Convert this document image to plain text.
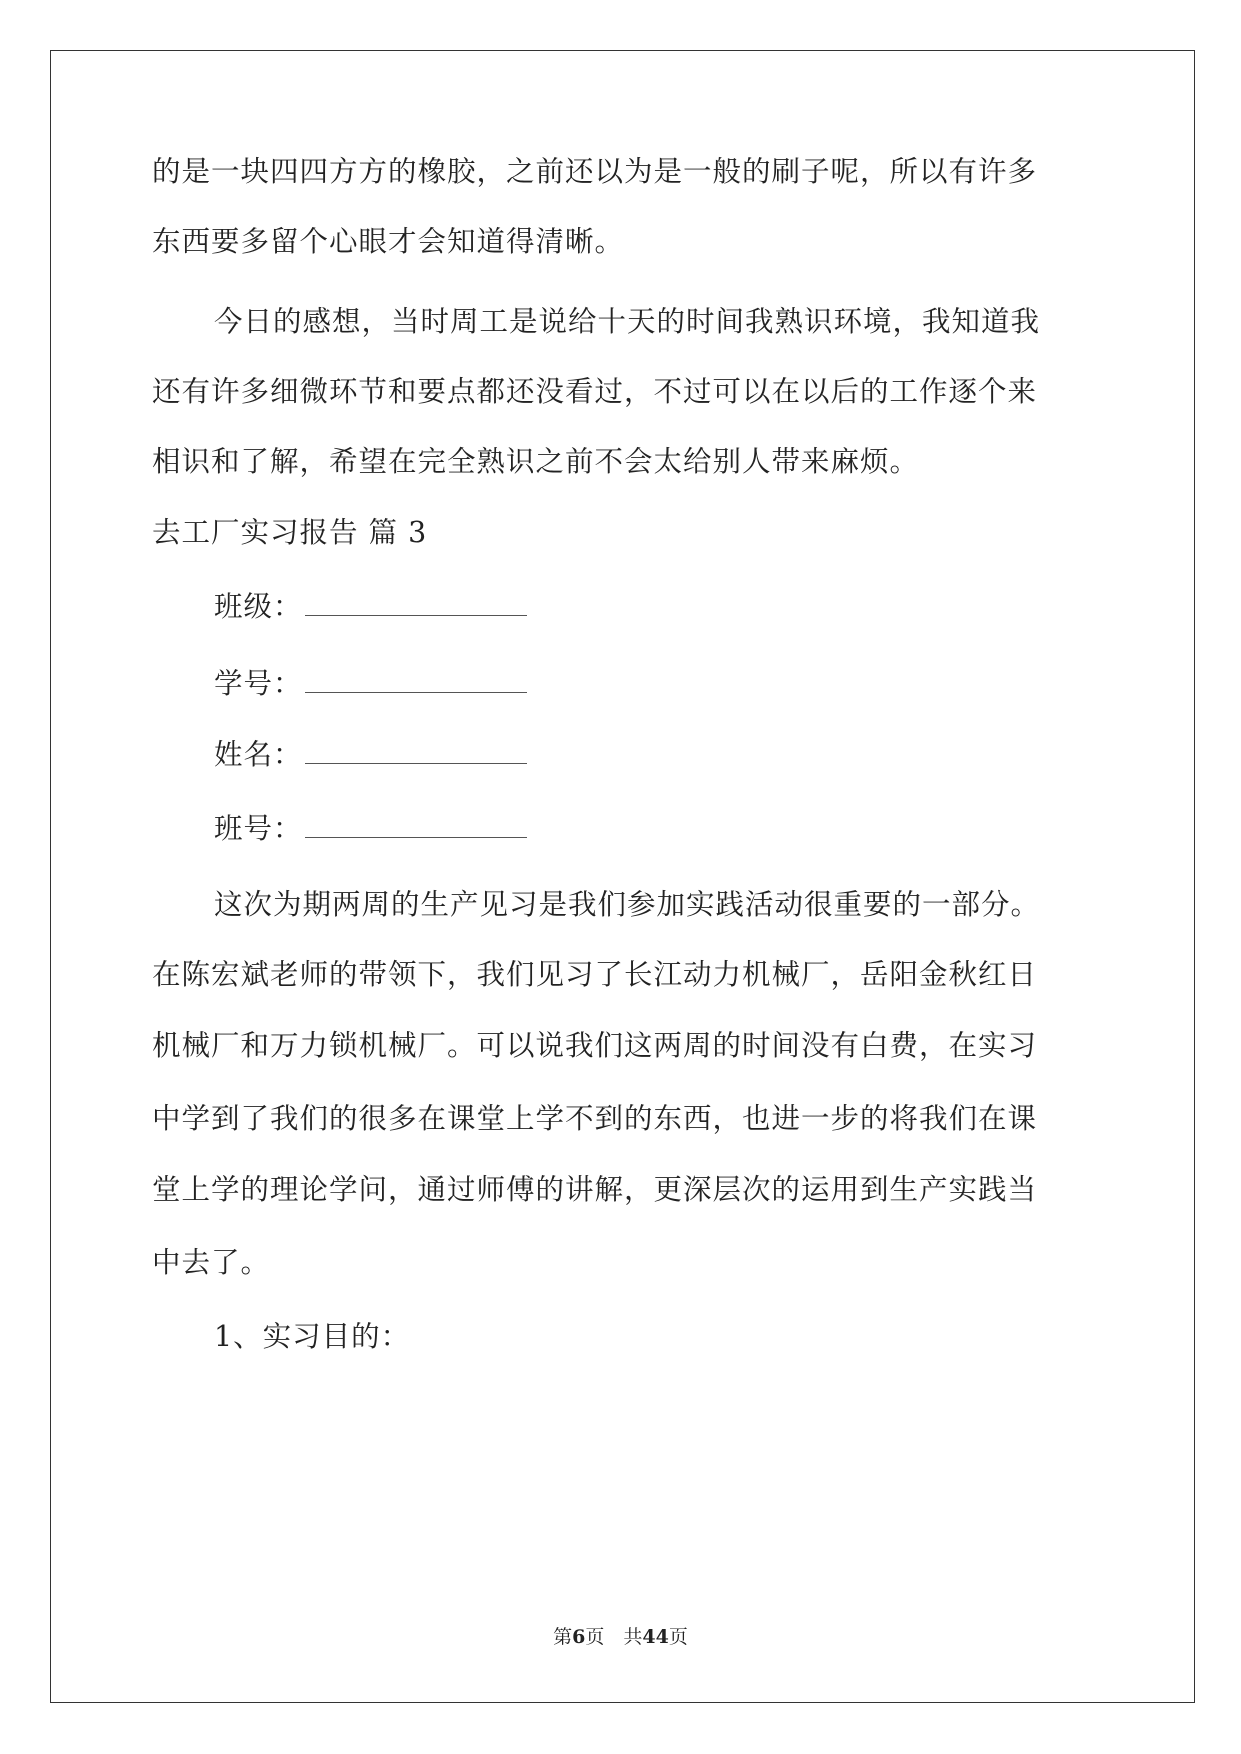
的是一块四四方方的橡胶，之前还以为是一般的刷子呢，所以有许多
东西要多留个心眼才会知道得清晰。
今日的感想，当时周工是说给十天的时间我熟识环境，我知道我
还有许多细微环节和要点都还没看过，不过可以在以后的工作逐个来
相识和了解，希望在完全熟识之前不会太给别人带来麻烦。
去工厂实习报告 篇 3
班级：
学号：
姓名：
班号：
这次为期两周的生产见习是我们参加实践活动很重要的一部分。
在陈宏斌老师的带领下，我们见习了长江动力机械厂，岳阳金秋红日
机械厂和万力锁机械厂。可以说我们这两周的时间没有白费，在实习
中学到了我们的很多在课堂上学不到的东西，也进一步的将我们在课
堂上学的理论学问，通过师傅的讲解，更深层次的运用到生产实践当
中去了。
1、实习目的：
第6页　共44页
